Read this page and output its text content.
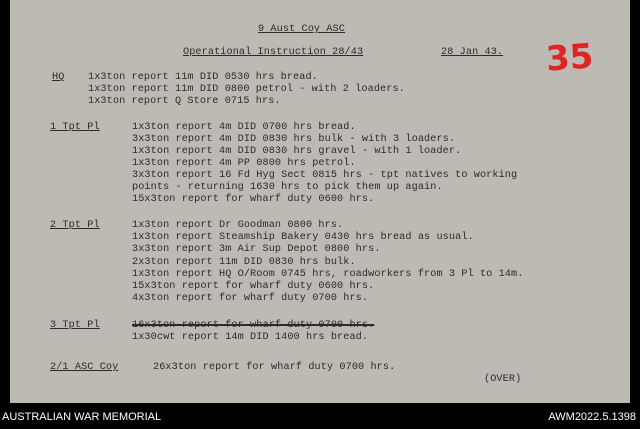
9 Aust Coy ASC
Operational Instruction 28/43	28 Jan 43. 35
HQ 1x3ton report 11m DID 0530 hrs bread.
1x3ton report 11m DID 0800 petrol - with 2 loaders.
1x3ton report Q Store 0715 hrs.
1 Tpt Pl	1x3ton report 4m DID 0700 hrs bread.
3x3ton report 4m DID 0830 hrs bulk - with 3 loaders.
1x3ton report 4m DID 0830 hrs gravel - with 1 loader.
1x3ton report 4m PP 0800 hrs petrol.
3x3ton report 16 Fd Hyg Sect 0815 hrs - tpt natives to working
points - returning 1630 hrs to pick them up again.
15x3ton report for wharf duty 0600 hrs.
2 Tpt Pl	1x3ton report Dr Goodman 0800 hrs.
1x3ton report Steamship Bakery 0430 hrs bread as usual.
3x3ton report 3m Air Sup Depot 0800 hrs.
2x3ton report 11m DID 0830 hrs bulk.
1x3ton report HQ O/Room 0745 hrs, roadworkers from 3 Pl to 14m.
15x3ton report for wharf duty 0600 hrs.
4x3ton report for wharf duty 0700 hrs.
3 Tpt Pl	16x3ton report for wharf duty 0700 hrs.
1x30cwt report 14m DID 1400 hrs bread.
2/1 ASC Coy	26x3ton report for wharf duty 0700 hrs.
(OVER)
AUSTRALIAN WAR MEMORIAL	AWM2022.5.1398
